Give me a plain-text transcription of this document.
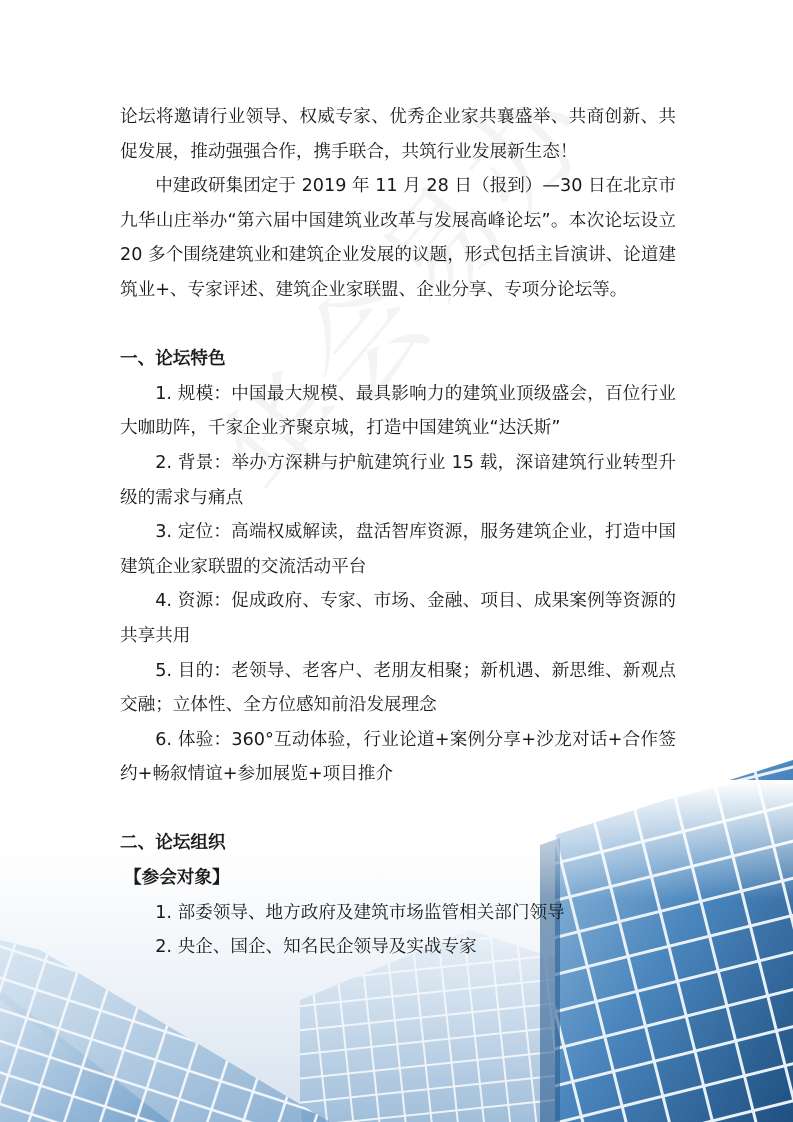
论坛将邀请行业领导、权威专家、优秀企业家共襄盛举、共商创新、共促发展，推动强强合作，携手联合，共筑行业发展新生态！

中建政研集团定于 2019 年 11 月 28 日（报到）—30 日在北京市九华山庄举办“第六届中国建筑业改革与发展高峰论坛”。本次论坛设立 20 多个围绕建筑业和建筑企业发展的议题，形式包括主旨演讲、论道建筑业+、专家评述、建筑企业家联盟、企业分享、专项分论坛等。

一、论坛特色

1. 规模：中国最大规模、最具影响力的建筑业顶级盛会，百位行业大咖助阵，千家企业齐聚京城，打造中国建筑业“达沃斯”

2. 背景：举办方深耕与护航建筑行业 15 载，深谙建筑行业转型升级的需求与痛点

3. 定位：高端权威解读，盘活智库资源，服务建筑企业，打造中国建筑企业家联盟的交流活动平台

4. 资源：促成政府、专家、市场、金融、项目、成果案例等资源的共享共用

5. 目的：老领导、老客户、老朋友相聚；新机遇、新思维、新观点交融；立体性、全方位感知前沿发展理念

6. 体验：360°互动体验，行业论道+案例分享+沙龙对话+合作签约+畅叙情谊+参加展览+项目推介

二、论坛组织

【参会对象】

1. 部委领导、地方政府及建筑市场监管相关部门领导

2. 央企、国企、知名民企领导及实战专家
